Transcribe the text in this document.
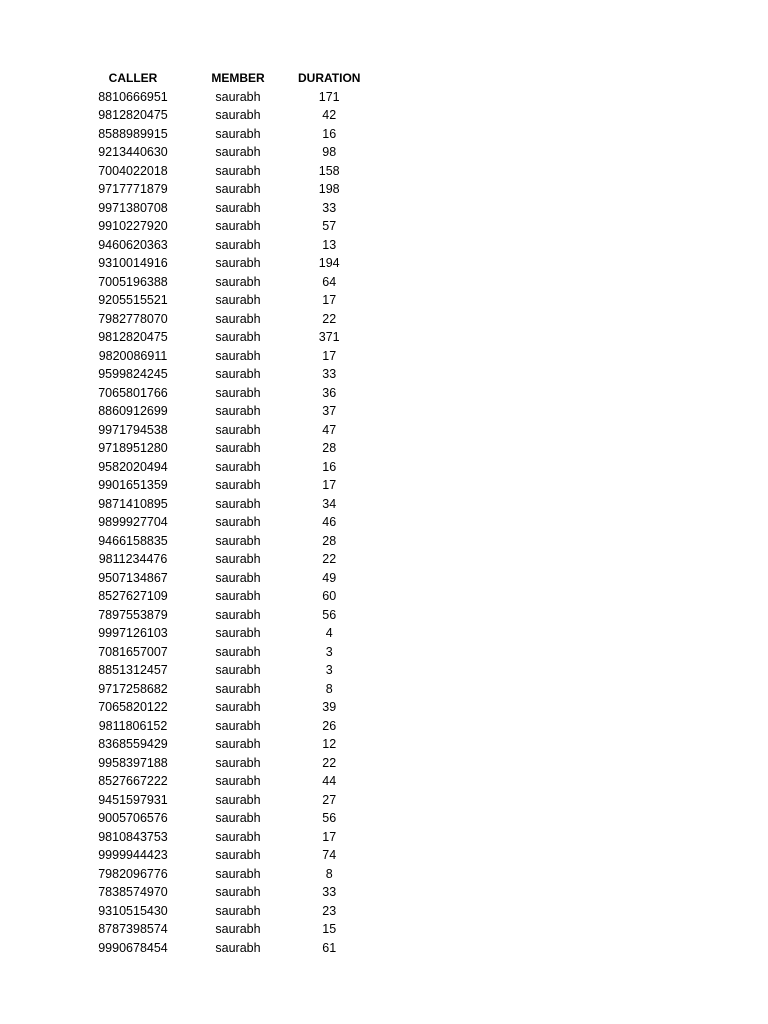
CALLER	MEMBER	DURATION
8810666951	saurabh	171
9812820475	saurabh	42
8588989915	saurabh	16
9213440630	saurabh	98
7004022018	saurabh	158
9717771879	saurabh	198
9971380708	saurabh	33
9910227920	saurabh	57
9460620363	saurabh	13
9310014916	saurabh	194
7005196388	saurabh	64
9205515521	saurabh	17
7982778070	saurabh	22
9812820475	saurabh	371
9820086911	saurabh	17
9599824245	saurabh	33
7065801766	saurabh	36
8860912699	saurabh	37
9971794538	saurabh	47
9718951280	saurabh	28
9582020494	saurabh	16
9901651359	saurabh	17
9871410895	saurabh	34
9899927704	saurabh	46
9466158835	saurabh	28
9811234476	saurabh	22
9507134867	saurabh	49
8527627109	saurabh	60
7897553879	saurabh	56
9997126103	saurabh	4
7081657007	saurabh	3
8851312457	saurabh	3
9717258682	saurabh	8
7065820122	saurabh	39
9811806152	saurabh	26
8368559429	saurabh	12
9958397188	saurabh	22
8527667222	saurabh	44
9451597931	saurabh	27
9005706576	saurabh	56
9810843753	saurabh	17
9999944423	saurabh	74
7982096776	saurabh	8
7838574970	saurabh	33
9310515430	saurabh	23
8787398574	saurabh	15
9990678454	saurabh	61
